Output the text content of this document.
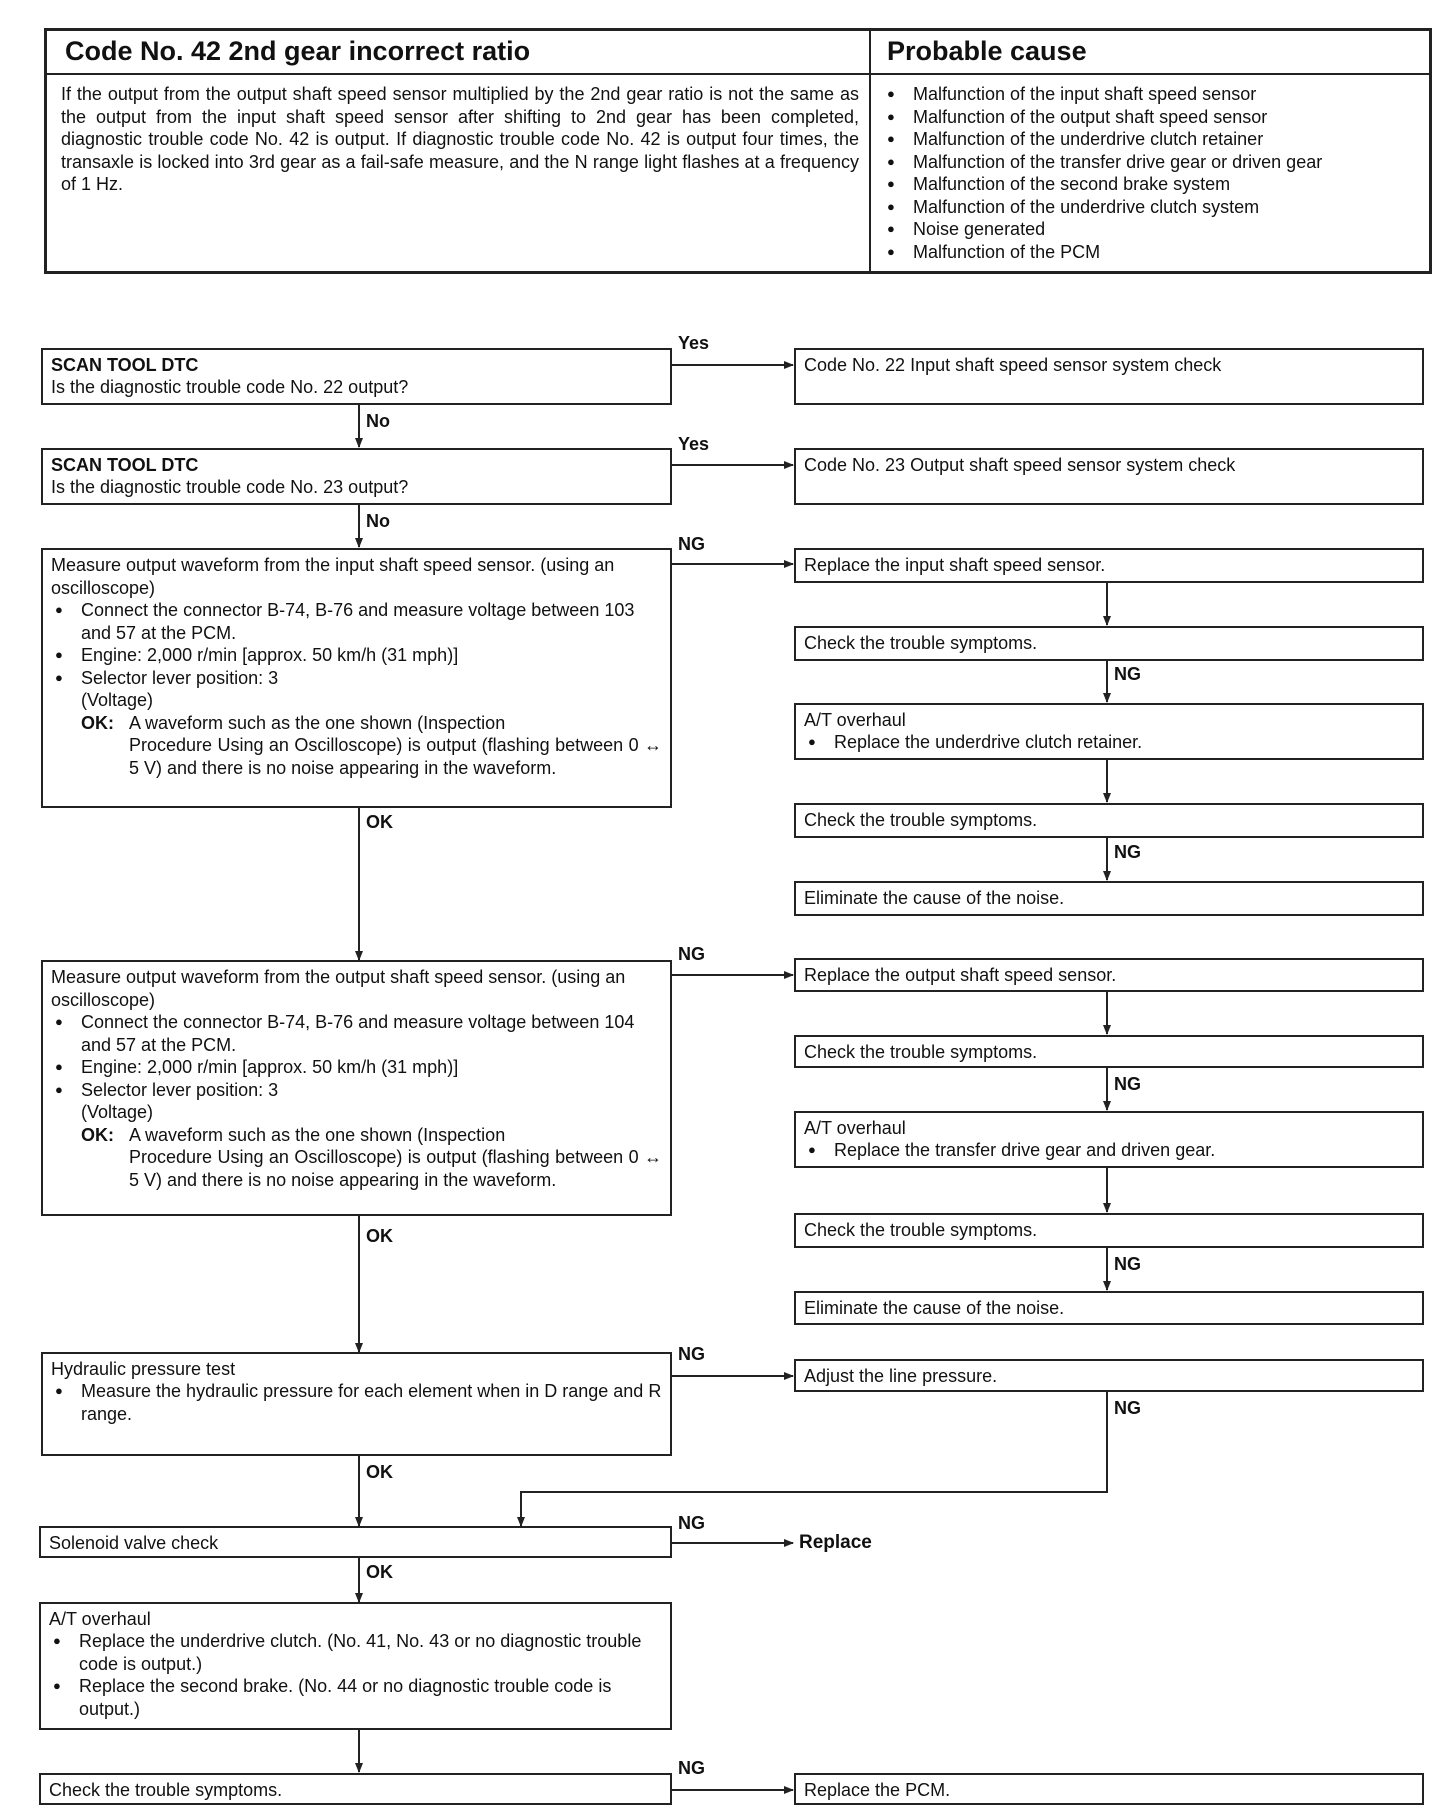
Code No. 42 2nd gear incorrect ratio	Probable cause
If the output from the output shaft speed sensor multiplied by the 2nd gear ratio is not the same as the output from the input shaft speed sensor after shifting to 2nd gear has been completed, diagnostic trouble code No. 42 is output. If diagnostic trouble code No. 42 is output four times, the transaxle is locked into 3rd gear as a fail-safe measure, and the N range light flashes at a frequency of 1 Hz.
● Malfunction of the input shaft speed sensor
● Malfunction of the output shaft speed sensor
● Malfunction of the underdrive clutch retainer
● Malfunction of the transfer drive gear or driven gear
● Malfunction of the second brake system
● Malfunction of the underdrive clutch system
● Noise generated
● Malfunction of the PCM
Yes
No
Yes
No
NG
OK
NG
OK
NG
OK
NG
OK
NG
NG
NG
NG
NG
NG
SCAN TOOL DTC
Is the diagnostic trouble code No. 22 output?
SCAN TOOL DTC
Is the diagnostic trouble code No. 23 output?
Measure output waveform from the input shaft speed sensor. (using an oscilloscope)
● Connect the connector B-74, B-76 and measure voltage between 103 and 57 at the PCM.
● Engine: 2,000 r/min [approx. 50 km/h (31 mph)]
● Selector lever position: 3
(Voltage)
OK: A waveform such as the one shown (Inspection
Procedure Using an Oscilloscope) is output (flashing between 0 ↔ 5 V) and there is no noise appearing in the waveform.
Measure output waveform from the output shaft speed sensor. (using an oscilloscope)
● Connect the connector B-74, B-76 and measure voltage between 104 and 57 at the PCM.
● Engine: 2,000 r/min [approx. 50 km/h (31 mph)]
● Selector lever position: 3
(Voltage)
OK: A waveform such as the one shown (Inspection
Procedure Using an Oscilloscope) is output (flashing between 0 ↔ 5 V) and there is no noise appearing in the waveform.
Hydraulic pressure test
● Measure the hydraulic pressure for each element when in D range and R range.
Solenoid valve check
A/T overhaul
● Replace the underdrive clutch. (No. 41, No. 43 or no diagnostic trouble code is output.)
● Replace the second brake. (No. 44 or no diagnostic trouble code is output.)
Check the trouble symptoms.
Code No. 22 Input shaft speed sensor system check
Code No. 23 Output shaft speed sensor system check
Replace the input shaft speed sensor.
Check the trouble symptoms.
A/T overhaul
● Replace the underdrive clutch retainer.
Check the trouble symptoms.
Eliminate the cause of the noise.
Replace the output shaft speed sensor.
Check the trouble symptoms.
A/T overhaul
● Replace the transfer drive gear and driven gear.
Check the trouble symptoms.
Eliminate the cause of the noise.
Adjust the line pressure.
Replace
Replace the PCM.
